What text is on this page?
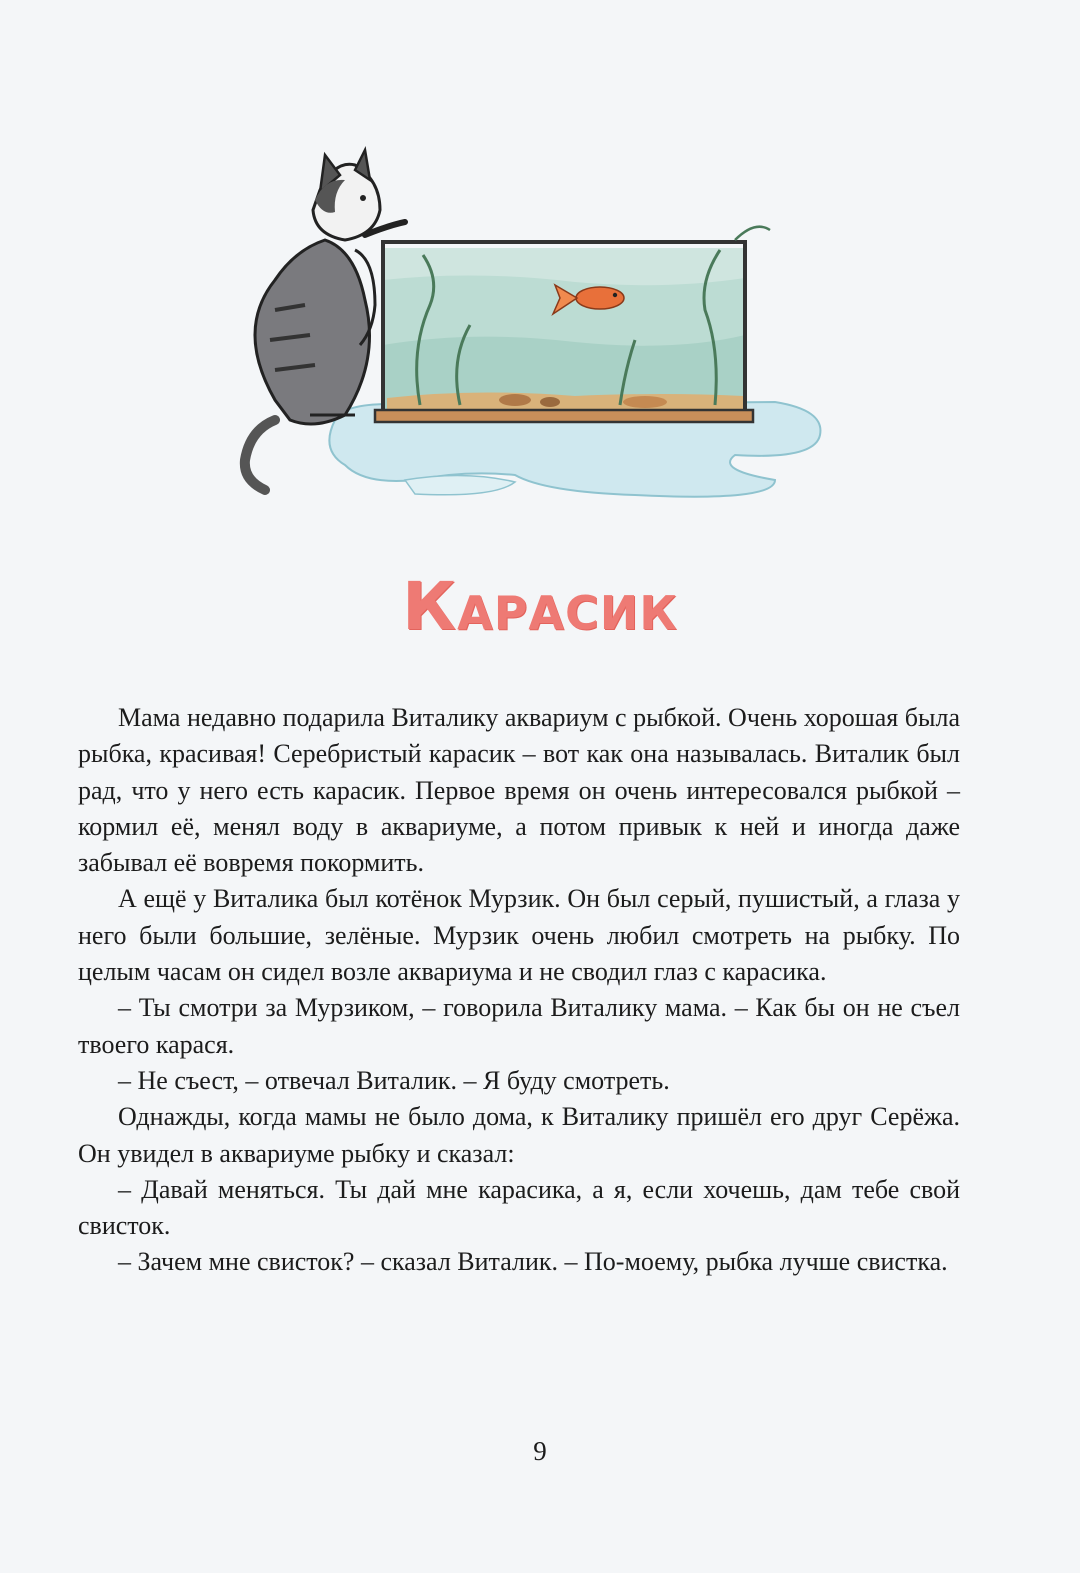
Карасик

Мама недавно подарила Виталику аквариум с рыбкой. Очень хорошая была рыбка, красивая! Серебристый карасик – вот как она называлась. Виталик был рад, что у него есть карасик. Первое время он очень интересовался рыбкой – кормил её, менял воду в аквариуме, а потом привык к ней и иногда даже забывал её вовремя покормить.

А ещё у Виталика был котёнок Мурзик. Он был серый, пушистый, а глаза у него были большие, зелёные. Мурзик очень любил смотреть на рыбку. По целым часам он сидел возле аквариума и не сводил глаз с карасика.

– Ты смотри за Мурзиком, – говорила Виталику мама. – Как бы он не съел твоего карася.

– Не съест, – отвечал Виталик. – Я буду смотреть.

Однажды, когда мамы не было дома, к Виталику пришёл его друг Серёжа. Он увидел в аквариуме рыбку и сказал:

– Давай меняться. Ты дай мне карасика, а я, если хочешь, дам тебе свой свисток.

– Зачем мне свисток? – сказал Виталик. – По-моему, рыбка лучше свистка.

9
